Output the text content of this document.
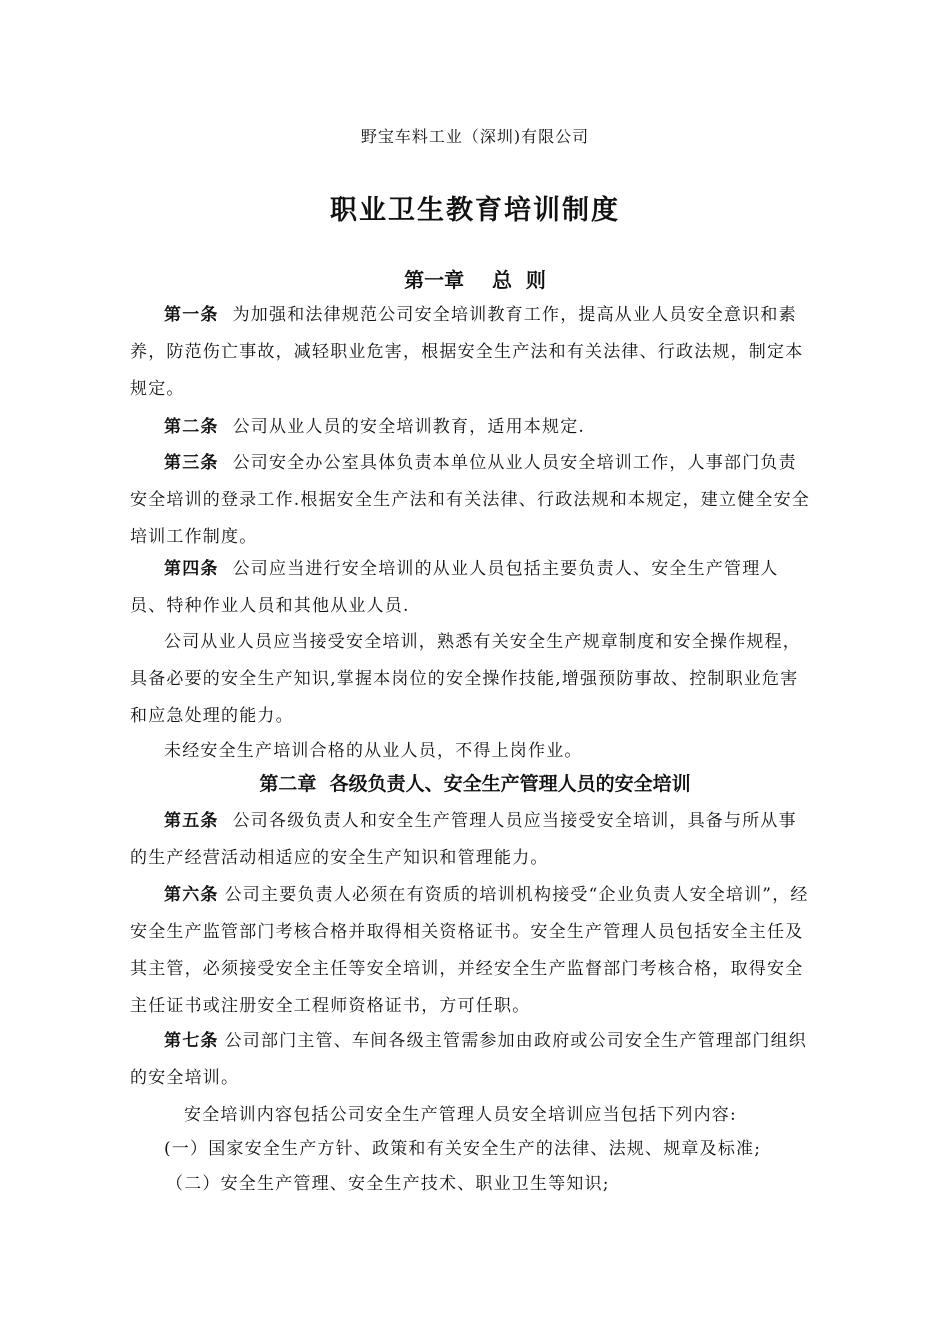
野宝车料工业（深圳)有限公司
职业卫生教育培训制度
第一章    总  则
第一条 为加强和法律规范公司安全培训教育工作，提高从业人员安全意识和素养，防范伤亡事故，减轻职业危害，根据安全生产法和有关法律、行政法规，制定本规定。
第二条 公司从业人员的安全培训教育，适用本规定.
第三条 公司安全办公室具体负责本单位从业人员安全培训工作，人事部门负责安全培训的登录工作.根据安全生产法和有关法律、行政法规和本规定，建立健全安全培训工作制度。
第四条 公司应当进行安全培训的从业人员包括主要负责人、安全生产管理人员、特种作业人员和其他从业人员.
公司从业人员应当接受安全培训，熟悉有关安全生产规章制度和安全操作规程，具备必要的安全生产知识,掌握本岗位的安全操作技能,增强预防事故、控制职业危害和应急处理的能力。
未经安全生产培训合格的从业人员，不得上岗作业。
第二章  各级负责人、安全生产管理人员的安全培训
第五条 公司各级负责人和安全生产管理人员应当接受安全培训，具备与所从事的生产经营活动相适应的安全生产知识和管理能力。
第六条 公司主要负责人必须在有资质的培训机构接受“企业负责人安全培训”，经安全生产监管部门考核合格并取得相关资格证书。安全生产管理人员包括安全主任及其主管，必须接受安全主任等安全培训，并经安全生产监督部门考核合格，取得安全主任证书或注册安全工程师资格证书，方可任职。
第七条 公司部门主管、车间各级主管需参加由政府或公司安全生产管理部门组织的安全培训。
安全培训内容包括公司安全生产管理人员安全培训应当包括下列内容:
(一）国家安全生产方针、政策和有关安全生产的法律、法规、规章及标准;
（二）安全生产管理、安全生产技术、职业卫生等知识;
